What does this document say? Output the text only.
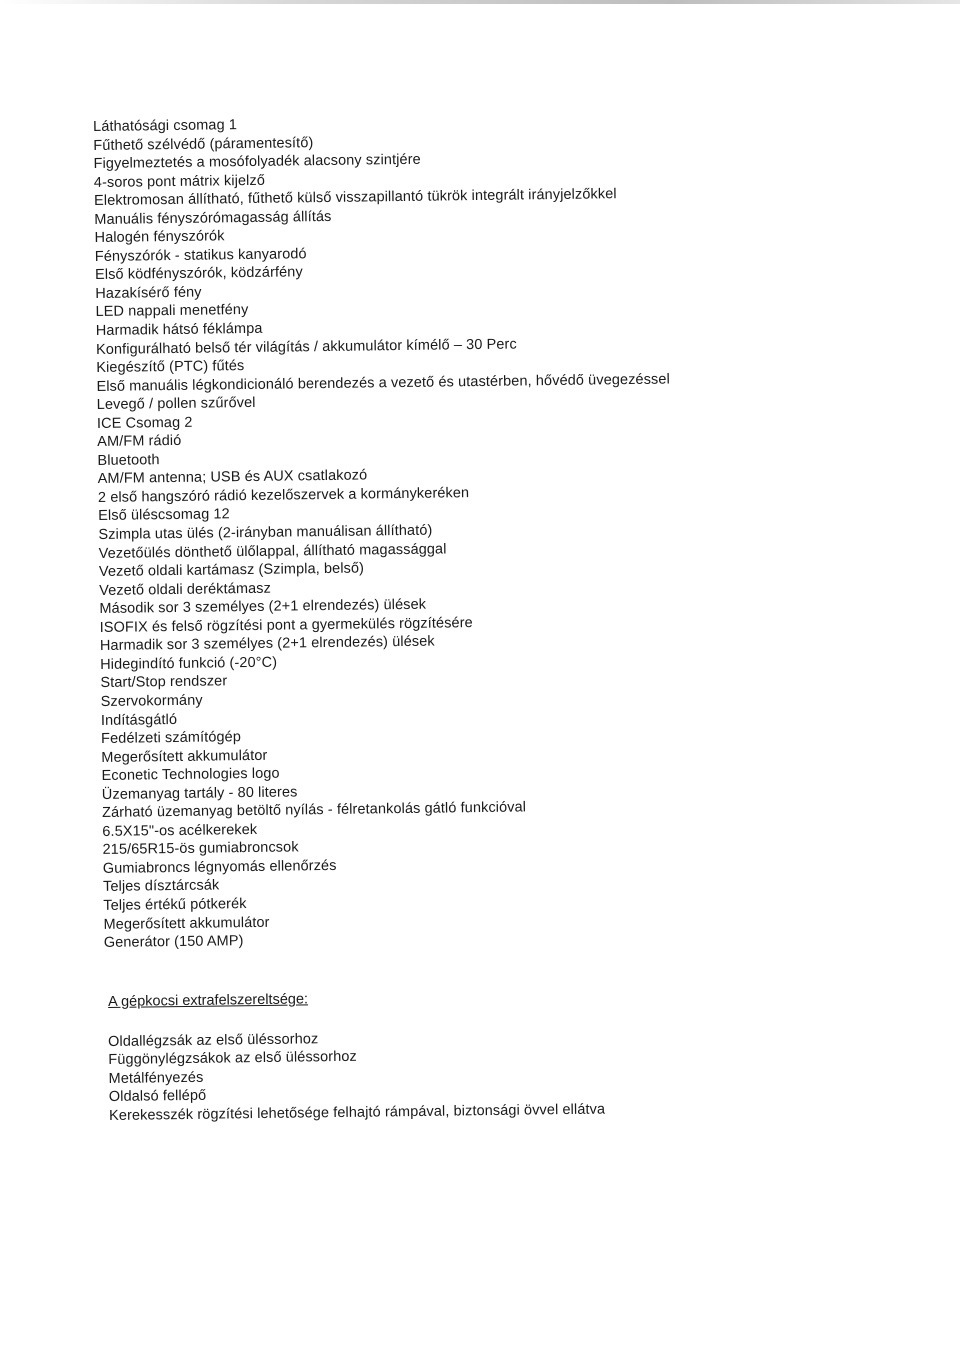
Láthatósági csomag 1
Fűthető szélvédő (páramentesítő)
Figyelmeztetés a mosófolyadék alacsony szintjére
4-soros pont mátrix kijelző
Elektromosan állítható, fűthető külső visszapillantó tükrök integrált irányjelzőkkel
Manuális fényszórómagasság állítás
Halogén fényszórók
Fényszórók - statikus kanyarodó
Első ködfényszórók, ködzárfény
Hazakísérő fény
LED nappali menetfény
Harmadik hátsó féklámpa
Konfigurálható belső tér világítás / akkumulátor kímélő – 30 Perc
Kiegészítő (PTC) fűtés
Első manuális légkondicionáló berendezés a vezető és utastérben, hővédő üvegezéssel
Levegő / pollen szűrővel
ICE Csomag 2
AM/FM rádió
Bluetooth
AM/FM antenna; USB és AUX csatlakozó
2 első hangszóró rádió kezelőszervek a kormánykeréken
Első üléscsomag 12
Szimpla utas ülés (2-irányban manuálisan állítható)
Vezetőülés dönthető ülőlappal, állítható magassággal
Vezető oldali kartámasz (Szimpla, belső)
Vezető oldali deréktámasz
Második sor 3 személyes (2+1 elrendezés) ülések
ISOFIX és felső rögzítési pont a gyermekülés rögzítésére
Harmadik sor 3 személyes (2+1 elrendezés) ülések
Hidegindító funkció (-20°C)
Start/Stop rendszer
Szervokormány
Indításgátló
Fedélzeti számítógép
Megerősített akkumulátor
Econetic Technologies logo
Üzemanyag tartály - 80 literes
Zárható üzemanyag betöltő nyílás - félretankolás gátló funkcióval
6.5X15"-os acélkerekek
215/65R15-ös gumiabroncsok
Gumiabroncs légnyomás ellenőrzés
Teljes dísztárcsák
Teljes értékű pótkerék
Megerősített akkumulátor
Generátor (150 AMP)
A gépkocsi extrafelszereltsége:
Oldallégzsák az első üléssorhoz
Függönylégzsákok az első üléssorhoz
Metálfényezés
Oldalsó fellépő
Kerekesszék rögzítési lehetősége felhajtó rámpával, biztonsági övvel ellátva
